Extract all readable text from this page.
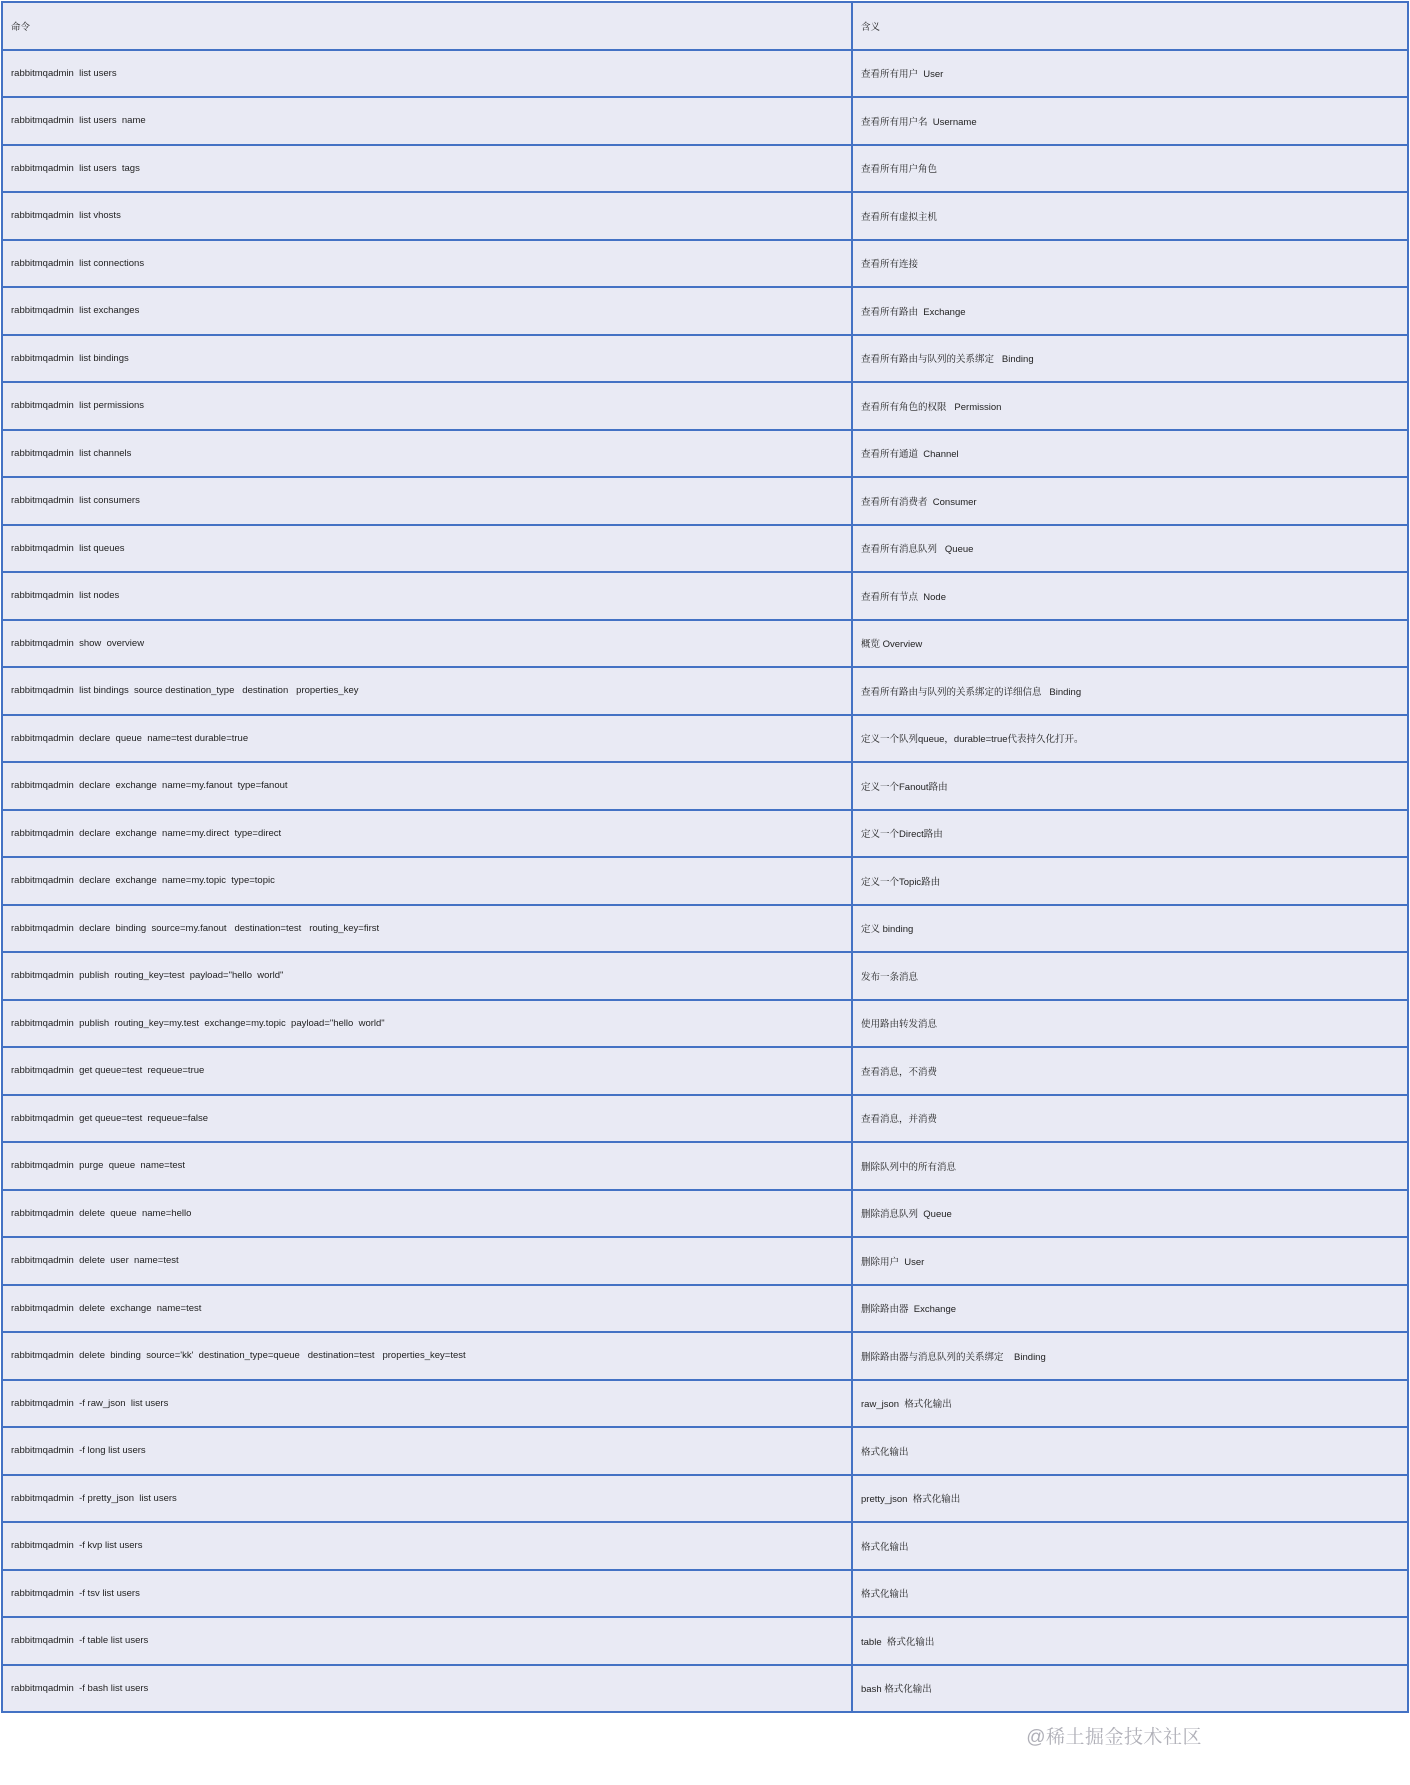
命令	含义
rabbitmqadmin  list users	查看所有用户  User
rabbitmqadmin  list users  name	查看所有用户名  Username
rabbitmqadmin  list users  tags	查看所有用户角色
rabbitmqadmin  list vhosts	查看所有虚拟主机
rabbitmqadmin  list connections	查看所有连接
rabbitmqadmin  list exchanges	查看所有路由  Exchange
rabbitmqadmin  list bindings	查看所有路由与队列的关系绑定   Binding
rabbitmqadmin  list permissions	查看所有角色的权限   Permission
rabbitmqadmin  list channels	查看所有通道  Channel
rabbitmqadmin  list consumers	查看所有消费者  Consumer
rabbitmqadmin  list queues	查看所有消息队列   Queue
rabbitmqadmin  list nodes	查看所有节点  Node
rabbitmqadmin  show  overview	概览 Overview
rabbitmqadmin  list bindings  source destination_type   destination   properties_key	查看所有路由与队列的关系绑定的详细信息   Binding
rabbitmqadmin  declare  queue  name=test durable=true	定义一个队列queue，durable=true代表持久化打开。
rabbitmqadmin  declare  exchange  name=my.fanout  type=fanout	定义一个Fanout路由
rabbitmqadmin  declare  exchange  name=my.direct  type=direct	定义一个Direct路由
rabbitmqadmin  declare  exchange  name=my.topic  type=topic	定义一个Topic路由
rabbitmqadmin  declare  binding  source=my.fanout   destination=test   routing_key=first	定义 binding
rabbitmqadmin  publish  routing_key=test  payload="hello  world"	发布一条消息
rabbitmqadmin  publish  routing_key=my.test  exchange=my.topic  payload="hello  world"	使用路由转发消息
rabbitmqadmin  get queue=test  requeue=true	查看消息，不消费
rabbitmqadmin  get queue=test  requeue=false	查看消息，并消费
rabbitmqadmin  purge  queue  name=test	删除队列中的所有消息
rabbitmqadmin  delete  queue  name=hello	删除消息队列  Queue
rabbitmqadmin  delete  user  name=test	删除用户  User
rabbitmqadmin  delete  exchange  name=test	删除路由器  Exchange
rabbitmqadmin  delete  binding  source='kk'  destination_type=queue   destination=test   properties_key=test	删除路由器与消息队列的关系绑定    Binding
rabbitmqadmin  -f raw_json  list users	raw_json  格式化输出
rabbitmqadmin  -f long list users	格式化输出
rabbitmqadmin  -f pretty_json  list users	pretty_json  格式化输出
rabbitmqadmin  -f kvp list users	格式化输出
rabbitmqadmin  -f tsv list users	格式化输出
rabbitmqadmin  -f table list users	table  格式化输出
rabbitmqadmin  -f bash list users	bash 格式化输出
@稀土掘金技术社区
